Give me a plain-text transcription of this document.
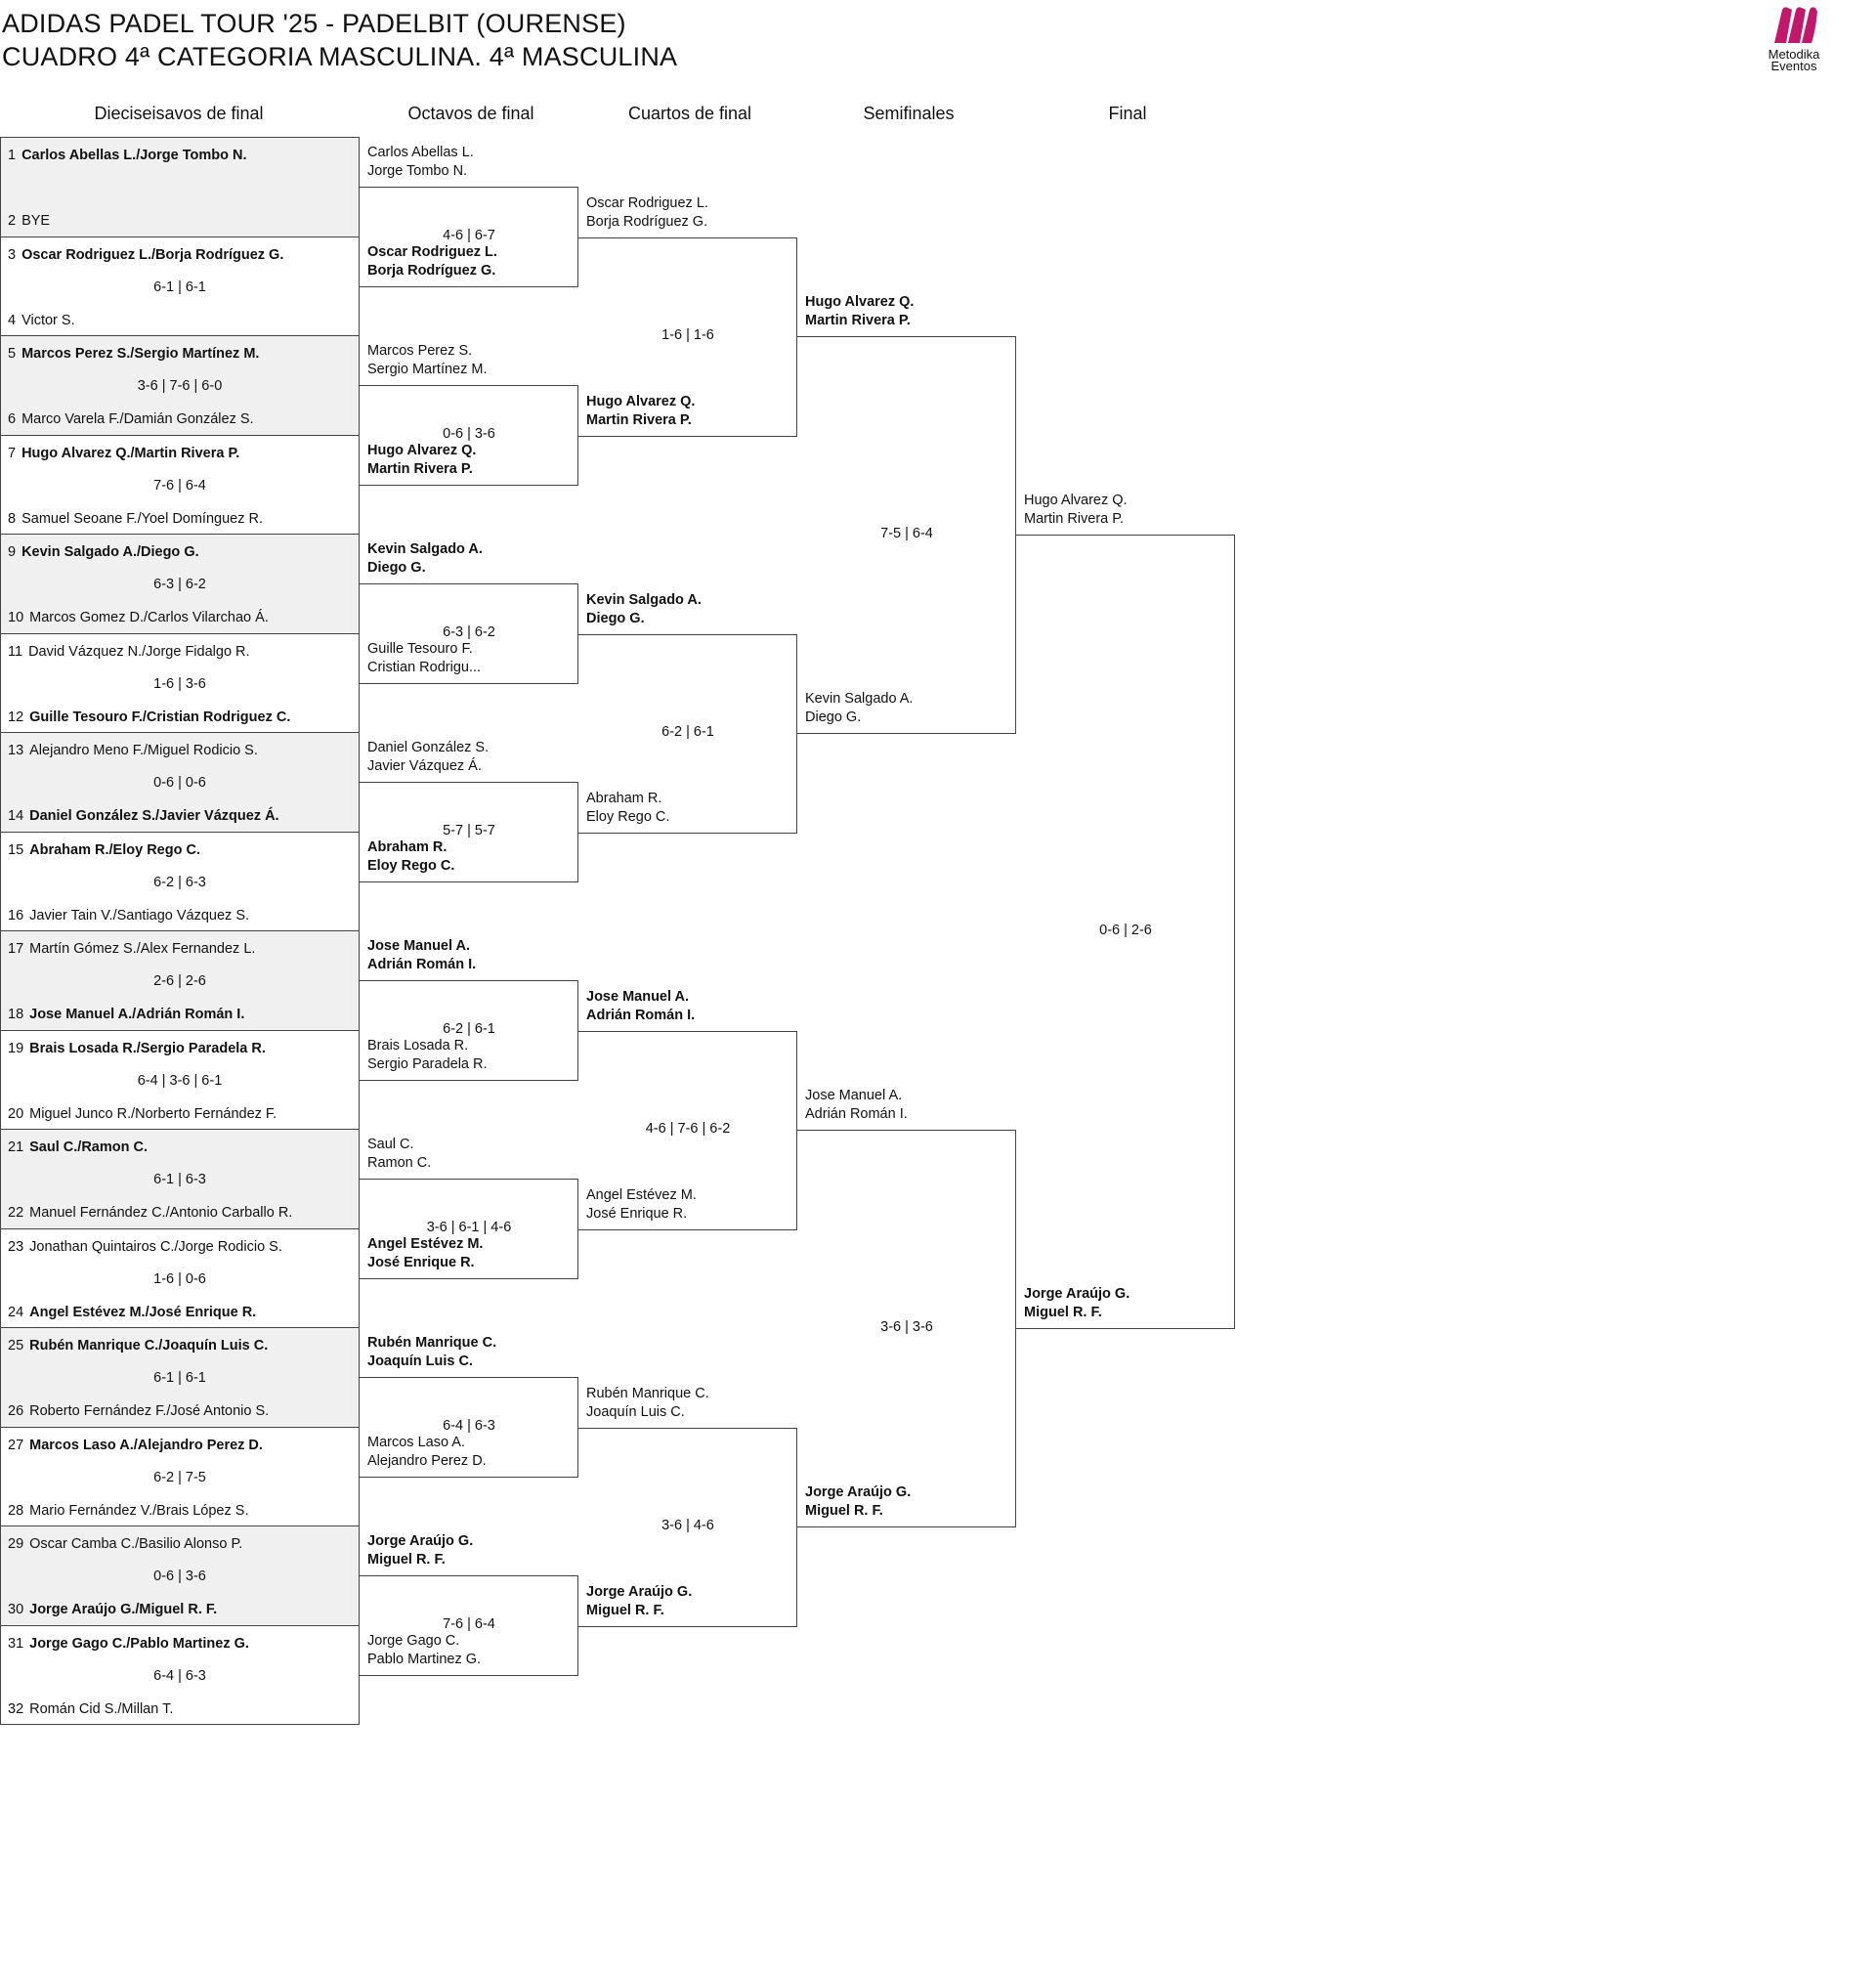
ADIDAS PADEL TOUR '25 - PADELBIT (OURENSE)
CUADRO 4ª CATEGORIA MASCULINA. 4ª MASCULINA	Metodika
Eventos
Dieciseisavos de final	Octavos de final	Cuartos de final	Semifinales	Final
1 Carlos Abellas L./Jorge Tombo N.
2 BYE
3 Oscar Rodriguez L./Borja Rodríguez G.
4 Victor S.
6-1 | 6-1
5 Marcos Perez S./Sergio Martínez M.
6 Marco Varela F./Damián González S.
3-6 | 7-6 | 6-0
7 Hugo Alvarez Q./Martin Rivera P.
8 Samuel Seoane F./Yoel Domínguez R.
7-6 | 6-4
9 Kevin Salgado A./Diego G.
10 Marcos Gomez D./Carlos Vilarchao Á.
6-3 | 6-2
11 David Vázquez N./Jorge Fidalgo R.
12 Guille Tesouro F./Cristian Rodriguez C.
1-6 | 3-6
13 Alejandro Meno F./Miguel Rodicio S.
14 Daniel González S./Javier Vázquez Á.
0-6 | 0-6
15 Abraham R./Eloy Rego C.
16 Javier Tain V./Santiago Vázquez S.
6-2 | 6-3
17 Martín Gómez S./Alex Fernandez L.
18 Jose Manuel A./Adrián Román I.
2-6 | 2-6
19 Brais Losada R./Sergio Paradela R.
20 Miguel Junco R./Norberto Fernández F.
6-4 | 3-6 | 6-1
21 Saul C./Ramon C.
22 Manuel Fernández C./Antonio Carballo R.
6-1 | 6-3
23 Jonathan Quintairos C./Jorge Rodicio S.
24 Angel Estévez M./José Enrique R.
1-6 | 0-6
25 Rubén Manrique C./Joaquín Luis C.
26 Roberto Fernández F./José Antonio S.
6-1 | 6-1
27 Marcos Laso A./Alejandro Perez D.
28 Mario Fernández V./Brais López S.
6-2 | 7-5
29 Oscar Camba C./Basilio Alonso P.
30 Jorge Araújo G./Miguel R. F.
0-6 | 3-6
31 Jorge Gago C./Pablo Martinez G.
32 Román Cid S./Millan T.
6-4 | 6-3
Carlos Abellas L.
Jorge Tombo N.
Oscar Rodriguez L.
Borja Rodríguez G.
4-6 | 6-7
Marcos Perez S.
Sergio Martínez M.
Hugo Alvarez Q.
Martin Rivera P.
0-6 | 3-6
Kevin Salgado A.
Diego G.
Guille Tesouro F.
Cristian Rodrigu...
6-3 | 6-2
Daniel González S.
Javier Vázquez Á.
Abraham R.
Eloy Rego C.
5-7 | 5-7
Jose Manuel A.
Adrián Román I.
Brais Losada R.
Sergio Paradela R.
6-2 | 6-1
Saul C.
Ramon C.
Angel Estévez M.
José Enrique R.
3-6 | 6-1 | 4-6
Rubén Manrique C.
Joaquín Luis C.
Marcos Laso A.
Alejandro Perez D.
6-4 | 6-3
Jorge Araújo G.
Miguel R. F.
Jorge Gago C.
Pablo Martinez G.
7-6 | 6-4
Oscar Rodriguez L.
Borja Rodríguez G.
Hugo Alvarez Q.
Martin Rivera P.
1-6 | 1-6
Kevin Salgado A.
Diego G.
Abraham R.
Eloy Rego C.
6-2 | 6-1
Jose Manuel A.
Adrián Román I.
Angel Estévez M.
José Enrique R.
4-6 | 7-6 | 6-2
Rubén Manrique C.
Joaquín Luis C.
Jorge Araújo G.
Miguel R. F.
3-6 | 4-6
Hugo Alvarez Q.
Martin Rivera P.
Kevin Salgado A.
Diego G.
7-5 | 6-4
Jose Manuel A.
Adrián Román I.
Jorge Araújo G.
Miguel R. F.
3-6 | 3-6
Hugo Alvarez Q.
Martin Rivera P.
Jorge Araújo G.
Miguel R. F.
0-6 | 2-6
